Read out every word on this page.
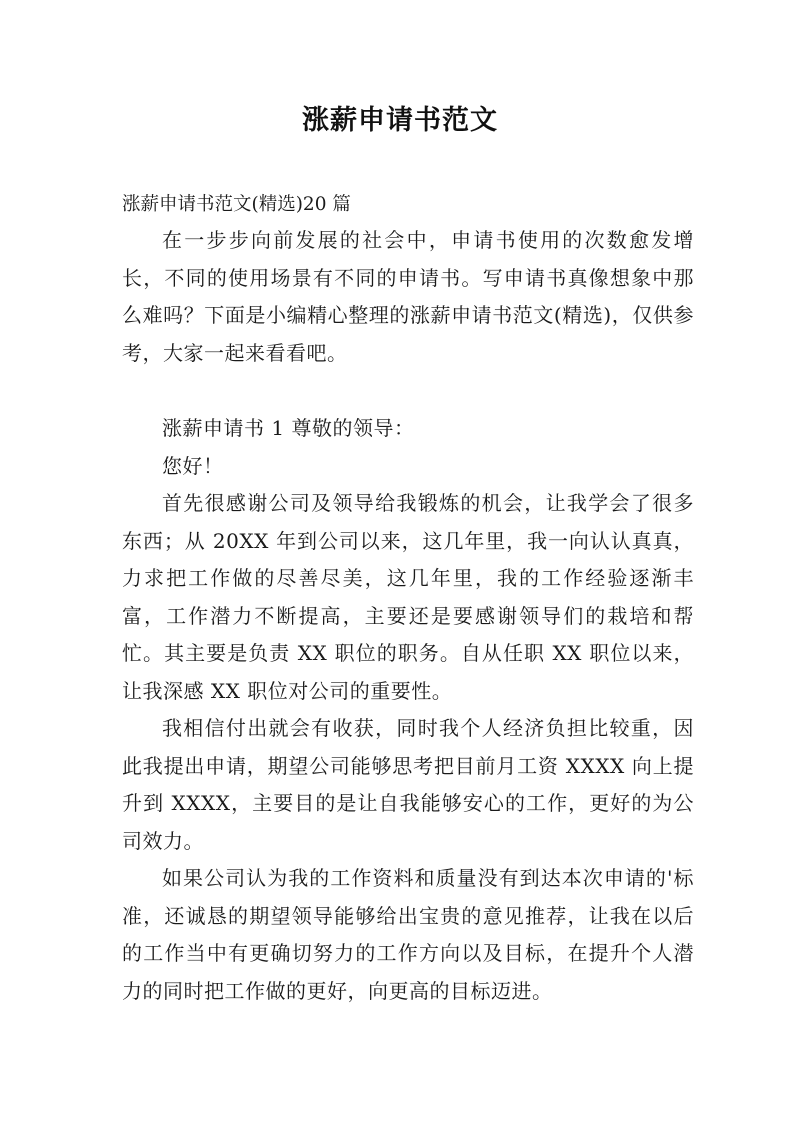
涨薪申请书范文
涨薪申请书范文(精选)20 篇

在一步步向前发展的社会中，申请书使用的次数愈发增长，不同的使用场景有不同的申请书。写申请书真像想象中那么难吗？下面是小编精心整理的涨薪申请书范文(精选)，仅供参考，大家一起来看看吧。

涨薪申请书 1 尊敬的领导：

您好！

首先很感谢公司及领导给我锻炼的机会，让我学会了很多东西；从 20XX 年到公司以来，这几年里，我一向认认真真，力求把工作做的尽善尽美，这几年里，我的工作经验逐渐丰富，工作潜力不断提高，主要还是要感谢领导们的栽培和帮忙。其主要是负责 XX 职位的职务。自从任职 XX 职位以来，让我深感 XX 职位对公司的重要性。

我相信付出就会有收获，同时我个人经济负担比较重，因此我提出申请，期望公司能够思考把目前月工资 XXXX 向上提升到 XXXX，主要目的是让自我能够安心的工作，更好的为公司效力。

如果公司认为我的工作资料和质量没有到达本次申请的'标准，还诚恳的期望领导能够给出宝贵的意见推荐，让我在以后的工作当中有更确切努力的工作方向以及目标，在提升个人潜力的同时把工作做的更好，向更高的目标迈进。
